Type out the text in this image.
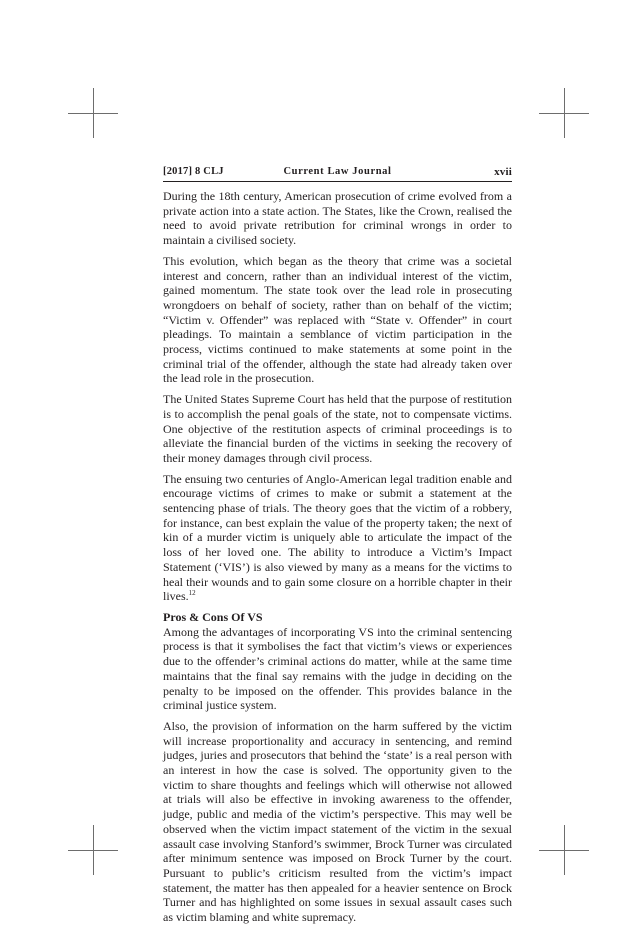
[2017] 8 CLJ	Current Law Journal	xvii

During the 18th century, American prosecution of crime evolved from a private action into a state action. The States, like the Crown, realised the need to avoid private retribution for criminal wrongs in order to maintain a civilised society.

This evolution, which began as the theory that crime was a societal interest and concern, rather than an individual interest of the victim, gained momentum. The state took over the lead role in prosecuting wrongdoers on behalf of society, rather than on behalf of the victim; “Victim v. Offender” was replaced with “State v. Offender” in court pleadings. To maintain a semblance of victim participation in the process, victims continued to make statements at some point in the criminal trial of the offender, although the state had already taken over the lead role in the prosecution.

The United States Supreme Court has held that the purpose of restitution is to accomplish the penal goals of the state, not to compensate victims. One objective of the restitution aspects of criminal proceedings is to alleviate the financial burden of the victims in seeking the recovery of their money damages through civil process.

The ensuing two centuries of Anglo-American legal tradition enable and encourage victims of crimes to make or submit a statement at the sentencing phase of trials. The theory goes that the victim of a robbery, for instance, can best explain the value of the property taken; the next of kin of a murder victim is uniquely able to articulate the impact of the loss of her loved one. The ability to introduce a Victim’s Impact Statement (‘VIS’) is also viewed by many as a means for the victims to heal their wounds and to gain some closure on a horrible chapter in their lives.$^{12}$

Pros & Cons Of VS

Among the advantages of incorporating VS into the criminal sentencing process is that it symbolises the fact that victim’s views or experiences due to the offender’s criminal actions do matter, while at the same time maintains that the final say remains with the judge in deciding on the penalty to be imposed on the offender. This provides balance in the criminal justice system.

Also, the provision of information on the harm suffered by the victim will increase proportionality and accuracy in sentencing, and remind judges, juries and prosecutors that behind the ‘state’ is a real person with an interest in how the case is solved. The opportunity given to the victim to share thoughts and feelings which will otherwise not allowed at trials will also be effective in invoking awareness to the offender, judge, public and media of the victim’s perspective. This may well be observed when the victim impact statement of the victim in the sexual assault case involving Stanford’s swimmer, Brock Turner was circulated after minimum sentence was imposed on Brock Turner by the court. Pursuant to public’s criticism resulted from the victim’s impact statement, the matter has then appealed for a heavier sentence on Brock Turner and has highlighted on some issues in sexual assault cases such as victim blaming and white supremacy.
